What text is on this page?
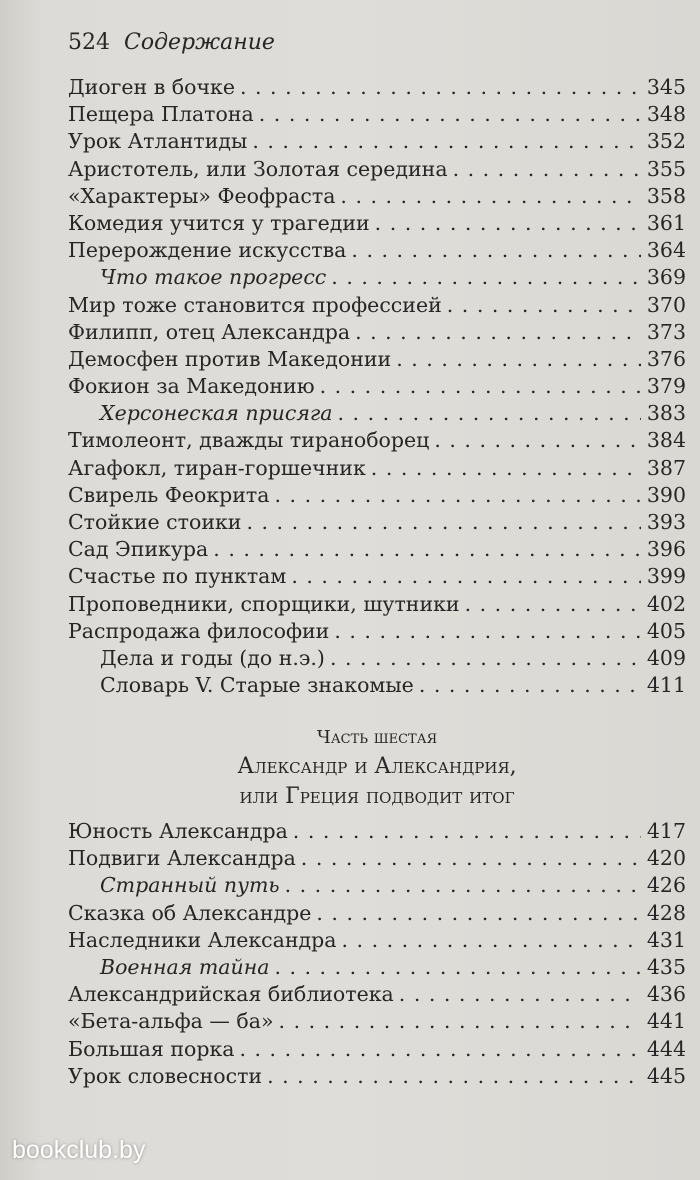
524 Содержание
Диоген в бочке . . .	345
Пещера Платона . . .	348
Урок Атлантиды . . .	352
Аристотель, или Золотая середина . . .	355
«Характеры» Феофраста . . .	358
Комедия учится у трагедии . . .	361
Перерождение искусства . . .	364
Что такое прогресс . . .	369
Мир тоже становится профессией . . .	370
Филипп, отец Александра . . .	373
Демосфен против Македонии . . .	376
Фокион за Македонию . . .	379
Херсонеская присяга . . .	383
Тимолеонт, дважды тираноборец . . .	384
Агафокл, тиран-горшечник . . .	387
Свирель Феокрита . . .	390
Стойкие стоики . . .	393
Сад Эпикура . . .	396
Счастье по пунктам . . .	399
Проповедники, спорщики, шутники . . .	402
Распродажа философии . . .	405
Дела и годы (до н.э.) . . .	409
Словарь V. Старые знакомые . . .	411
Часть шестая
Александр и Александрия,
или Греция подводит итог
Юность Александра . . .	417
Подвиги Александра . . .	420
Странный путь . . .	426
Сказка об Александре . . .	428
Наследники Александра . . .	431
Военная тайна . . .	435
Александрийская библиотека . . .	436
«Бета-альфа — ба» . . .	441
Большая порка . . .	444
Урок словесности . . .	445
bookclub.by
